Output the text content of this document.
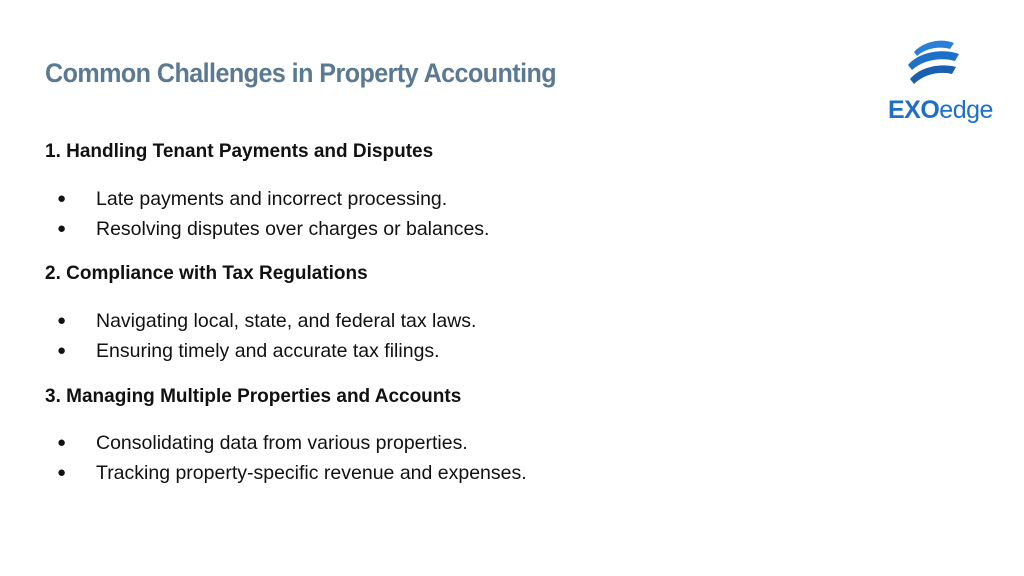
Common Challenges in Property Accounting
EXOedge
1. Handling Tenant Payments and Disputes
● Late payments and incorrect processing.
● Resolving disputes over charges or balances.
2. Compliance with Tax Regulations
● Navigating local, state, and federal tax laws.
● Ensuring timely and accurate tax filings.
3. Managing Multiple Properties and Accounts
● Consolidating data from various properties.
● Tracking property-specific revenue and expenses.
